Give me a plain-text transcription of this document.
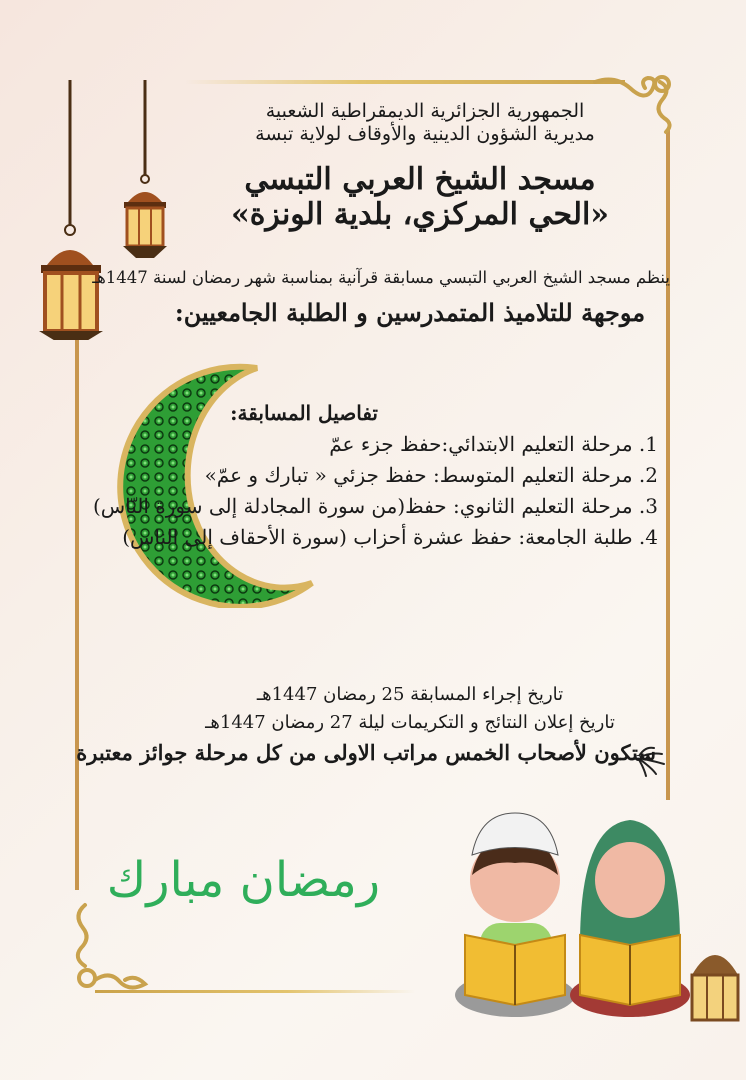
الجمهورية الجزائرية الديمقراطية الشعبية
مديرية الشؤون الدينية والأوقاف لولاية تبسة
مسجد الشيخ العربي التبسي
«الحي المركزي، بلدية الونزة»
ينظم مسجد الشيخ العربي التبسي مسابقة قرآنية بمناسبة شهر رمضان لسنة 1447هـ
موجهة للتلاميذ المتمدرسين و الطلبة الجامعيين:
تفاصيل المسابقة:
1. مرحلة التعليم الابتدائي:حفظ جزء عمّ
2. مرحلة التعليم المتوسط: حفظ جزئي « تبارك و عمّ»
3. مرحلة التعليم الثانوي: حفظ(من سورة المجادلة إلى سورة النّاس)
4. طلبة الجامعة: حفظ عشرة أحزاب (سورة الأحقاف إلى الناس)
تاريخ إجراء المسابقة 25 رمضان 1447هـ
تاريخ إعلان النتائج و التكريمات ليلة 27 رمضان 1447هـ
ستكون لأصحاب الخمس مراتب الاولى من كل مرحلة جوائز معتبرة
رمضان مبارك
